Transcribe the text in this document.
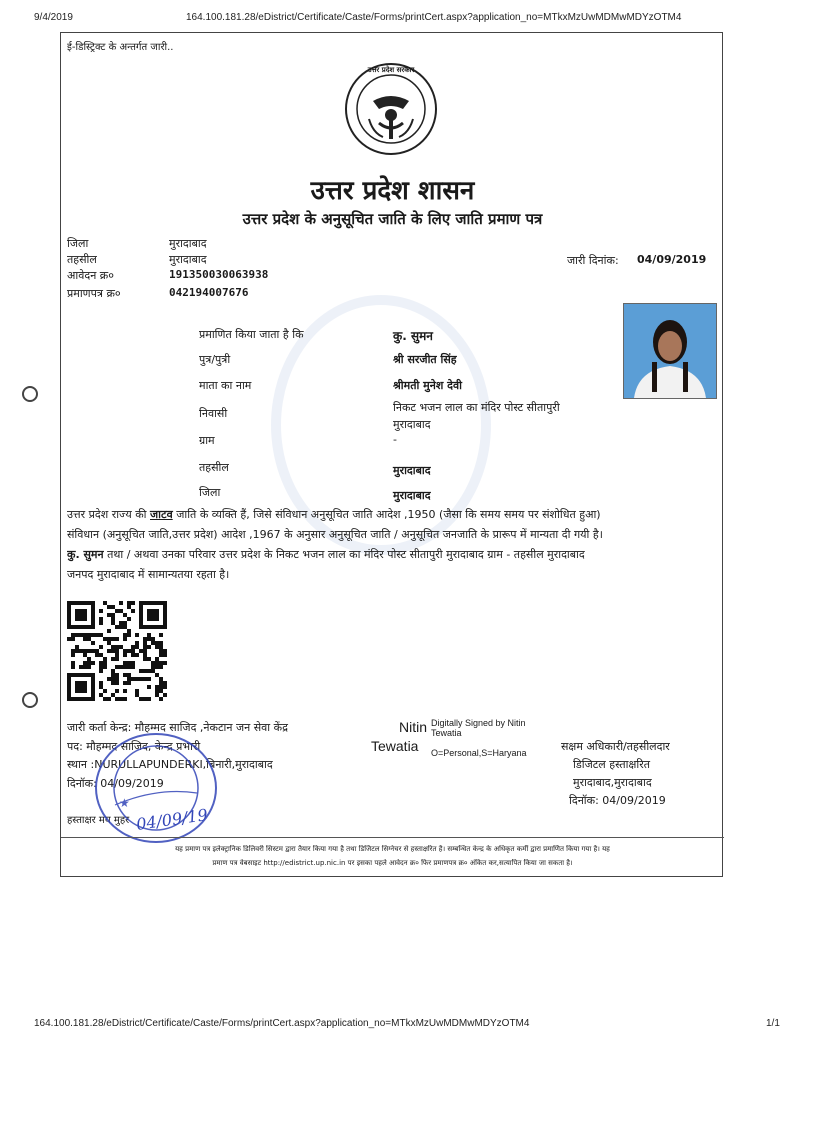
9/4/2019	164.100.181.28/eDistrict/Certificate/Caste/Forms/printCert.aspx?application_no=MTkxMzUwMDMwMDYzOTM4
ई-डिस्ट्रिक्ट के अन्तर्गत जारी..
उत्तर प्रदेश सरकार
उत्तर प्रदेश शासन
उत्तर प्रदेश के अनुसूचित जाति के लिए जाति प्रमाण पत्र
जिला	मुरादाबाद
तहसील	मुरादाबाद
आवेदन क्र०	191350030063938
प्रमाणपत्र क्र०	042194007676
जारी दिनांक: 04/09/2019
प्रमाणित किया जाता है कि	कु. सुमन
पुत्र/पुत्री	श्री सरजीत सिंह
माता का नाम	श्रीमती मुनेश देवी
निवासी	निकट भजन लाल का मंदिर पोस्ट सीतापुरी
मुरादाबाद
ग्राम	-
तहसील	मुरादाबाद
जिला	मुरादाबाद
उत्तर प्रदेश राज्य की जाटव जाति के व्यक्ति हैं, जिसे संविधान अनुसूचित जाति आदेश ,1950 (जैसा कि समय समय पर संशोधित हुआ)
संविधान (अनुसूचित जाति,उत्तर प्रदेश) आदेश ,1967 के अनुसार अनुसूचित जाति / अनुसूचित जनजाति के प्रारूप में मान्यता दी गयी है।
कु. सुमन तथा / अथवा उनका परिवार उत्तर प्रदेश के निकट भजन लाल का मंदिर पोस्ट सीतापुरी मुरादाबाद ग्राम - तहसील मुरादाबाद
जनपद मुरादाबाद में सामान्यतया रहता है।
जारी कर्ता केन्द्र: मौहम्मद साजिद ,नेकटान जन सेवा केंद्र
पद: मौहम्मद साजिद, केन्द्र प्रभारी
स्थान :NURULLAPUNDERKI,बिनारी,मुरादाबाद
दिनॉक: 04/09/2019
हस्ताक्षर मय मुहर
Nitin
Tewatia
Digitally Signed by Nitin Tewatia
O=Personal,S=Haryana	सक्षम अधिकारी/तहसीलदार
डिजिटल हस्ताक्षरित
मुरादाबाद,मुरादाबाद
दिनॉक: 04/09/2019
★
04/09/19
यह प्रमाण पत्र इलेक्ट्रानिक डिलिवरी सिस्टम द्वारा तैयार किया गया है तथा डिजिटल सिग्नेचर से हस्ताक्षरित है। सम्बन्धित केन्द्र के अधिकृत कर्मी द्वारा प्रमाणित किया गया है। यह
प्रमाण पत्र वेबसाइट http://edistrict.up.nic.in पर इसका पहले आवेदन क्र० फिर प्रमाणपत्र क्र० अंकित कर,सत्यापित किया जा सकता है।
164.100.181.28/eDistrict/Certificate/Caste/Forms/printCert.aspx?application_no=MTkxMzUwMDMwMDYzOTM4	1/1
